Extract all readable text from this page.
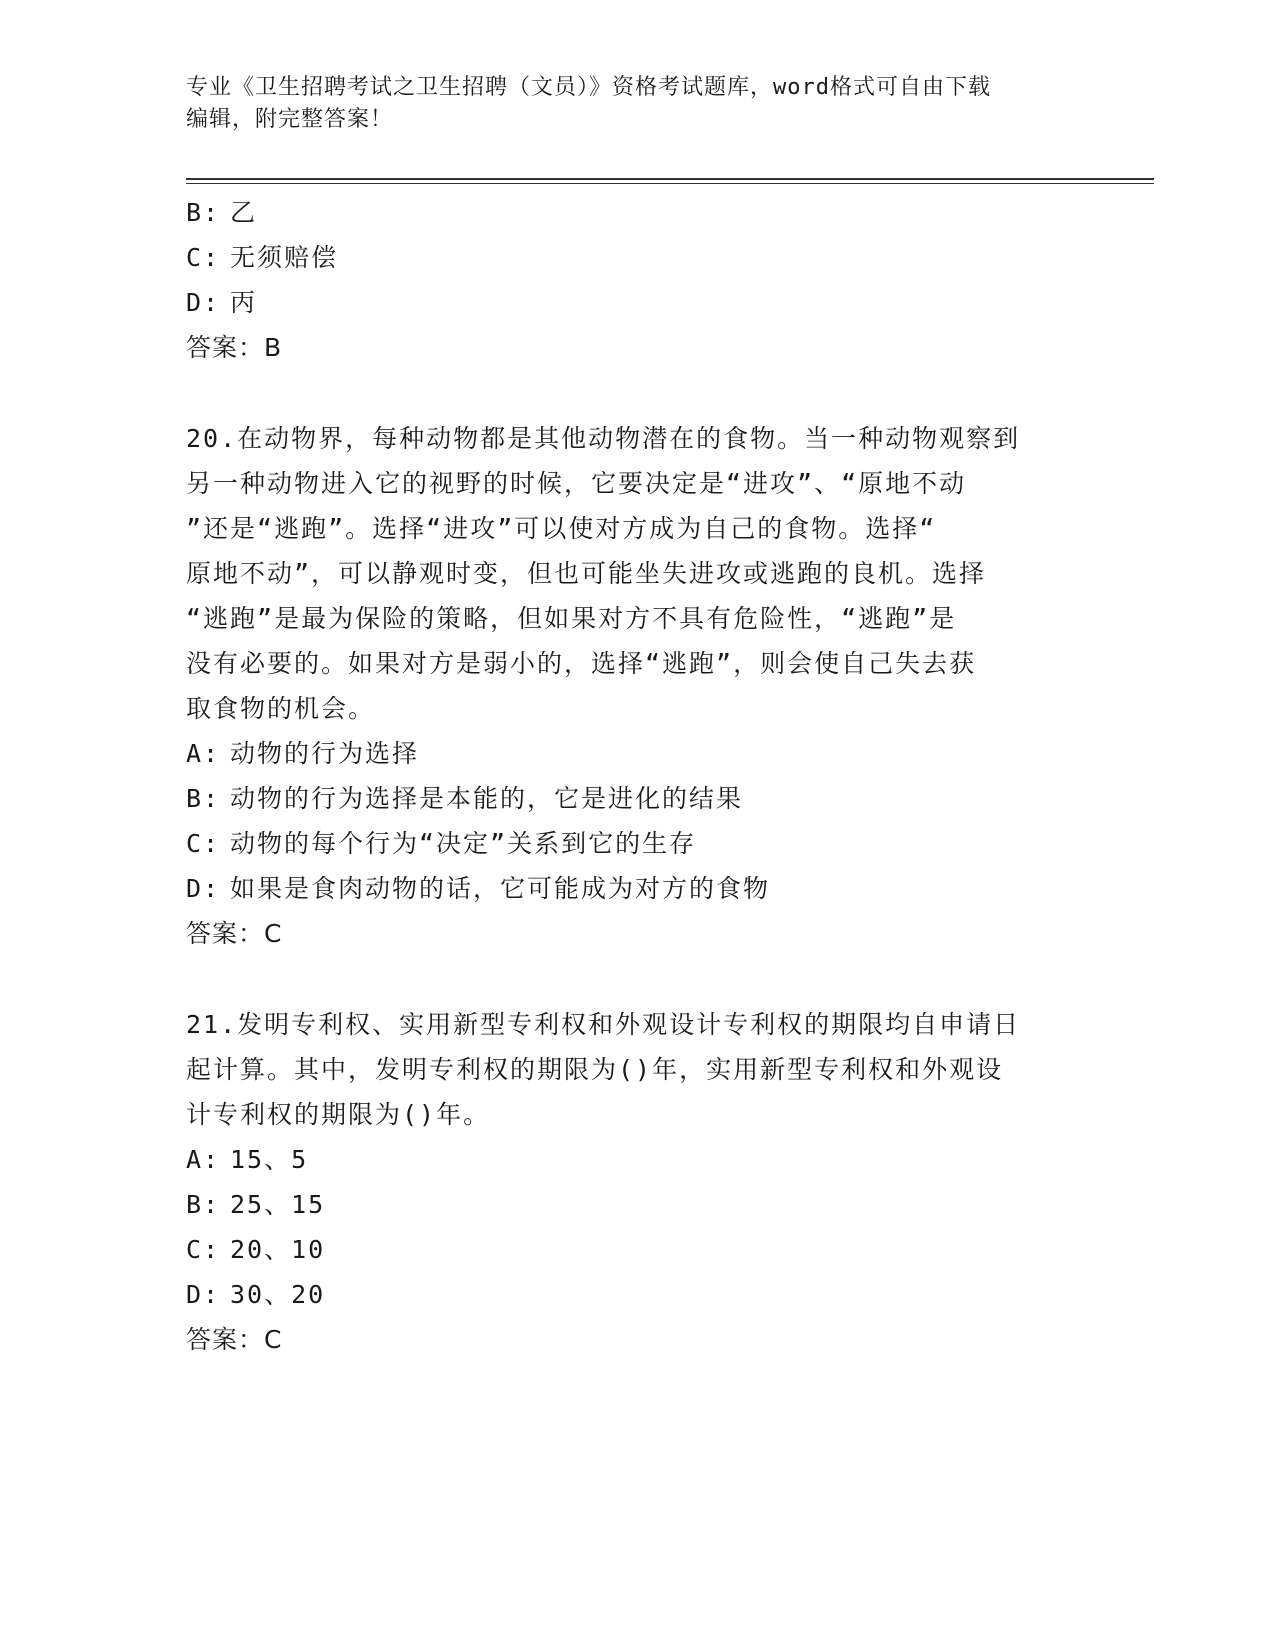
专业《卫生招聘考试之卫生招聘（文员）》资格考试题库，word格式可自由下载
编辑，附完整答案！
B: 乙
C: 无须赔偿
D: 丙
答案：B
20.在动物界，每种动物都是其他动物潜在的食物。当一种动物观察到
另一种动物进入它的视野的时候，它要决定是“进攻”、“原地不动
”还是“逃跑”。选择“进攻”可以使对方成为自己的食物。选择“
原地不动”，可以静观时变，但也可能坐失进攻或逃跑的良机。选择
“逃跑”是最为保险的策略，但如果对方不具有危险性，“逃跑”是
没有必要的。如果对方是弱小的，选择“逃跑”，则会使自己失去获
取食物的机会。
A: 动物的行为选择
B: 动物的行为选择是本能的，它是进化的结果
C: 动物的每个行为“决定”关系到它的生存
D: 如果是食肉动物的话，它可能成为对方的食物
答案：C
21.发明专利权、实用新型专利权和外观设计专利权的期限均自申请日
起计算。其中，发明专利权的期限为()年，实用新型专利权和外观设
计专利权的期限为()年。
A: 15、5
B: 25、15
C: 20、10
D: 30、20
答案：C
